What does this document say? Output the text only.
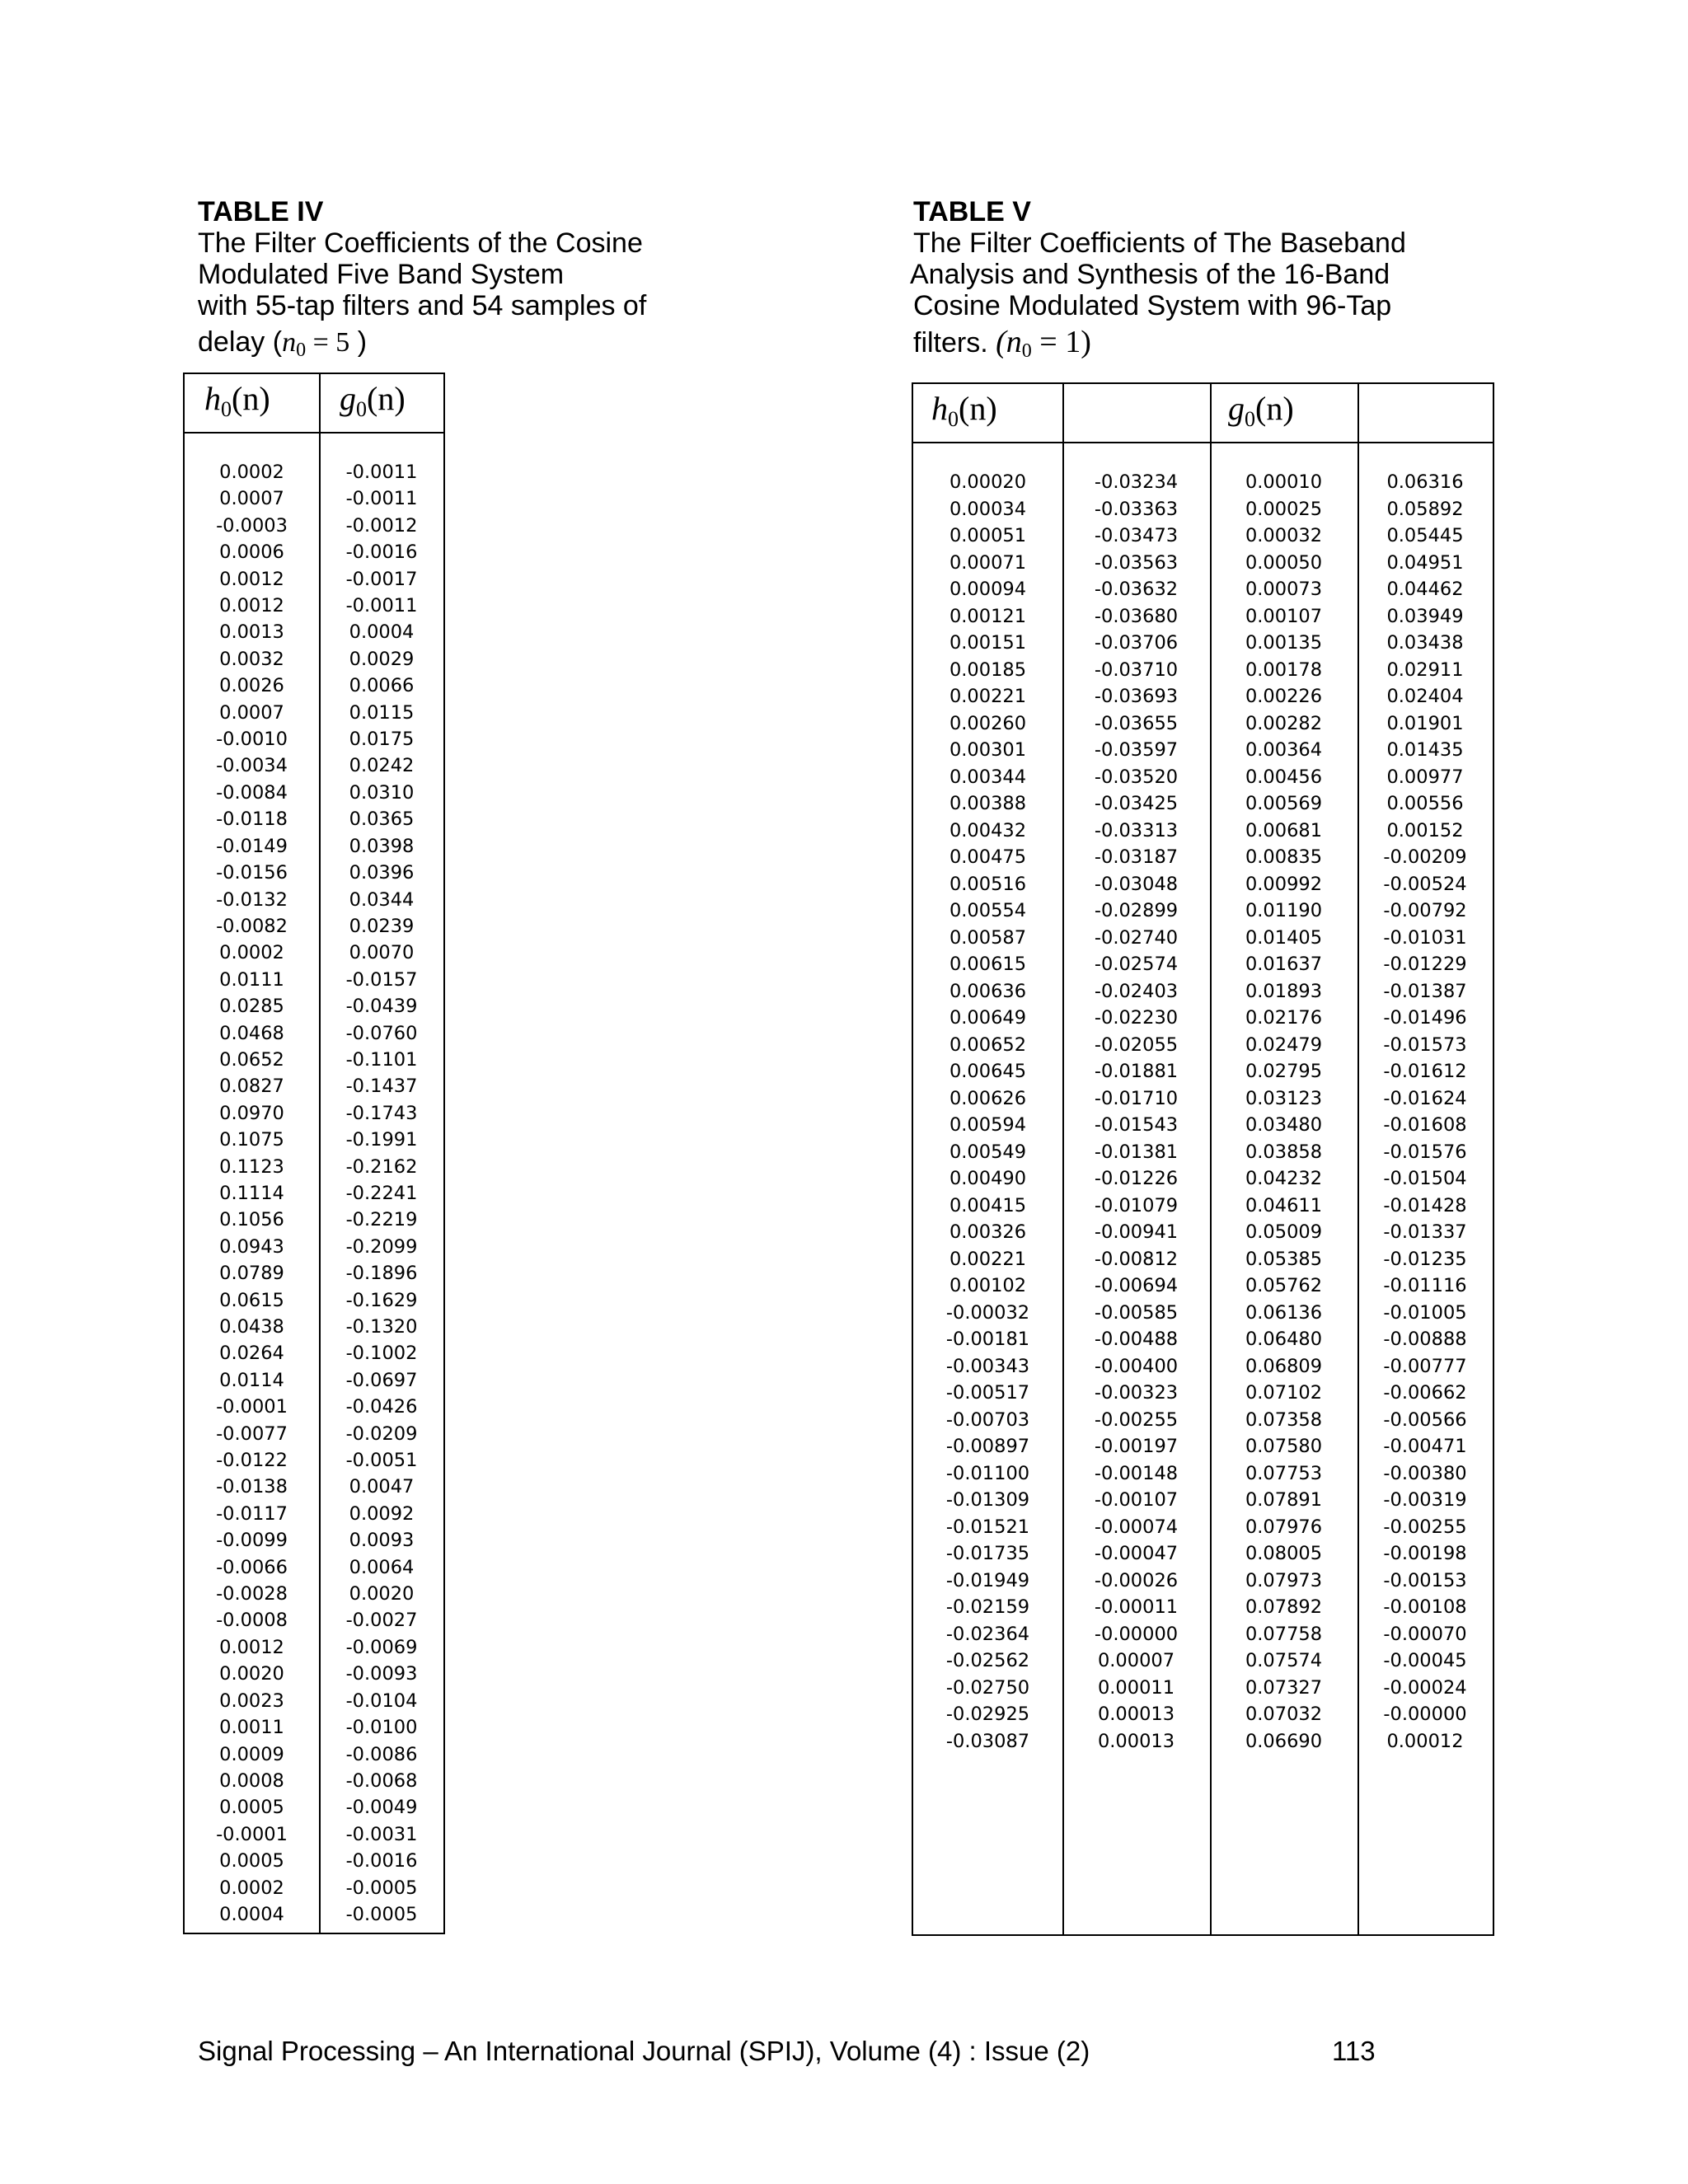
TABLE IV
The Filter Coefficients of the Cosine
Modulated Five Band System
with 55-tap filters and 54 samples of
delay ($n_0 = 5$ )
TABLE V
The Filter Coefficients of The Baseband
Analysis and Synthesis of the 16-Band
Cosine Modulated System with 96-Tap
filters. $(n_0 = 1)$
$h_0(n)$ $g_0(n)$
0.0002
0.0007
-0.0003
0.0006
0.0012
0.0012
0.0013
0.0032
0.0026
0.0007
-0.0010
-0.0034
-0.0084
-0.0118
-0.0149
-0.0156
-0.0132
-0.0082
0.0002
0.0111
0.0285
0.0468
0.0652
0.0827
0.0970
0.1075
0.1123
0.1114
0.1056
0.0943
0.0789
0.0615
0.0438
0.0264
0.0114
-0.0001
-0.0077
-0.0122
-0.0138
-0.0117
-0.0099
-0.0066
-0.0028
-0.0008
0.0012
0.0020
0.0023
0.0011
0.0009
0.0008
0.0005
-0.0001
0.0005
0.0002
0.0004
-0.0011
-0.0011
-0.0012
-0.0016
-0.0017
-0.0011
0.0004
0.0029
0.0066
0.0115
0.0175
0.0242
0.0310
0.0365
0.0398
0.0396
0.0344
0.0239
0.0070
-0.0157
-0.0439
-0.0760
-0.1101
-0.1437
-0.1743
-0.1991
-0.2162
-0.2241
-0.2219
-0.2099
-0.1896
-0.1629
-0.1320
-0.1002
-0.0697
-0.0426
-0.0209
-0.0051
0.0047
0.0092
0.0093
0.0064
0.0020
-0.0027
-0.0069
-0.0093
-0.0104
-0.0100
-0.0086
-0.0068
-0.0049
-0.0031
-0.0016
-0.0005
-0.0005
$h_0(n)$	$g_0(n)$
0.00020
0.00034
0.00051
0.00071
0.00094
0.00121
0.00151
0.00185
0.00221
0.00260
0.00301
0.00344
0.00388
0.00432
0.00475
0.00516
0.00554
0.00587
0.00615
0.00636
0.00649
0.00652
0.00645
0.00626
0.00594
0.00549
0.00490
0.00415
0.00326
0.00221
0.00102
-0.00032
-0.00181
-0.00343
-0.00517
-0.00703
-0.00897
-0.01100
-0.01309
-0.01521
-0.01735
-0.01949
-0.02159
-0.02364
-0.02562
-0.02750
-0.02925
-0.03087
-0.03234
-0.03363
-0.03473
-0.03563
-0.03632
-0.03680
-0.03706
-0.03710
-0.03693
-0.03655
-0.03597
-0.03520
-0.03425
-0.03313
-0.03187
-0.03048
-0.02899
-0.02740
-0.02574
-0.02403
-0.02230
-0.02055
-0.01881
-0.01710
-0.01543
-0.01381
-0.01226
-0.01079
-0.00941
-0.00812
-0.00694
-0.00585
-0.00488
-0.00400
-0.00323
-0.00255
-0.00197
-0.00148
-0.00107
-0.00074
-0.00047
-0.00026
-0.00011
-0.00000
0.00007
0.00011
0.00013
0.00013
0.00010
0.00025
0.00032
0.00050
0.00073
0.00107
0.00135
0.00178
0.00226
0.00282
0.00364
0.00456
0.00569
0.00681
0.00835
0.00992
0.01190
0.01405
0.01637
0.01893
0.02176
0.02479
0.02795
0.03123
0.03480
0.03858
0.04232
0.04611
0.05009
0.05385
0.05762
0.06136
0.06480
0.06809
0.07102
0.07358
0.07580
0.07753
0.07891
0.07976
0.08005
0.07973
0.07892
0.07758
0.07574
0.07327
0.07032
0.06690
0.06316
0.05892
0.05445
0.04951
0.04462
0.03949
0.03438
0.02911
0.02404
0.01901
0.01435
0.00977
0.00556
0.00152
-0.00209
-0.00524
-0.00792
-0.01031
-0.01229
-0.01387
-0.01496
-0.01573
-0.01612
-0.01624
-0.01608
-0.01576
-0.01504
-0.01428
-0.01337
-0.01235
-0.01116
-0.01005
-0.00888
-0.00777
-0.00662
-0.00566
-0.00471
-0.00380
-0.00319
-0.00255
-0.00198
-0.00153
-0.00108
-0.00070
-0.00045
-0.00024
-0.00000
0.00012
Signal Processing – An International Journal (SPIJ), Volume (4) : Issue (2)	113
